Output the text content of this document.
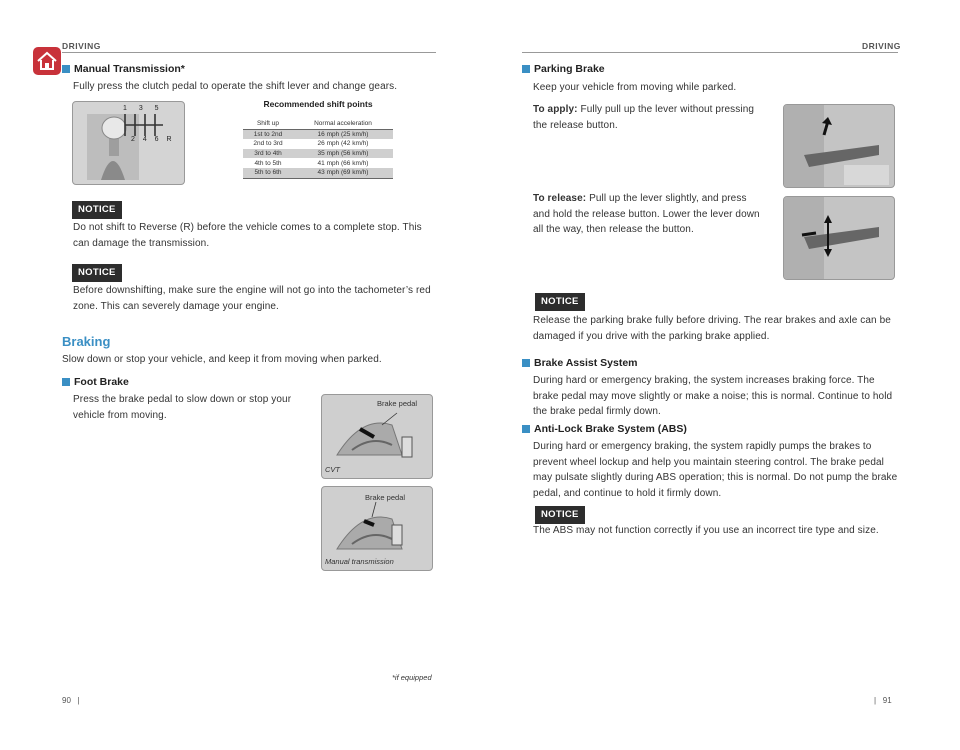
DRIVING
Manual Transmission*
Fully press the clutch pedal to operate the shift lever and change gears.
1 3 5
2 4 6 R
Recommended shift points
Shift up	Normal acceleration
1st to 2nd	16 mph (25 km/h)
2nd to 3rd	26 mph (42 km/h)
3rd to 4th	35 mph (56 km/h)
4th to 5th	41 mph (66 km/h)
5th to 6th	43 mph (69 km/h)
NOTICE
Do not shift to Reverse (R) before the vehicle comes to a complete stop. This can damage the transmission.
NOTICE
Before downshifting, make sure the engine will not go into the tachometer’s red zone. This can severely damage your engine.
Braking
Slow down or stop your vehicle, and keep it from moving when parked.
Foot Brake
Press the brake pedal to slow down or stop your vehicle from moving.
Brake pedal
CVT
Brake pedal
Manual transmission
*if equipped
90   |
DRIVING
Parking Brake
Keep your vehicle from moving while parked.
To apply: Fully pull up the lever without pressing the release button.
To release: Pull up the lever slightly, and press and hold the release button. Lower the lever down all the way, then release the button.
NOTICE
Release the parking brake fully before driving. The rear brakes and axle can be damaged if you drive with the parking brake applied.
Brake Assist System
During hard or emergency braking, the system increases braking force. The brake pedal may move slightly or make a noise; this is normal. Continue to hold the brake pedal firmly down.
Anti-Lock Brake System (ABS)
During hard or emergency braking, the system rapidly pumps the brakes to prevent wheel lockup and help you maintain steering control. The brake pedal may pulsate slightly during ABS operation; this is normal. Do not pump the brake pedal, and continue to hold it firmly down.
NOTICE
The ABS may not function correctly if you use an incorrect tire type and size.
|   91
